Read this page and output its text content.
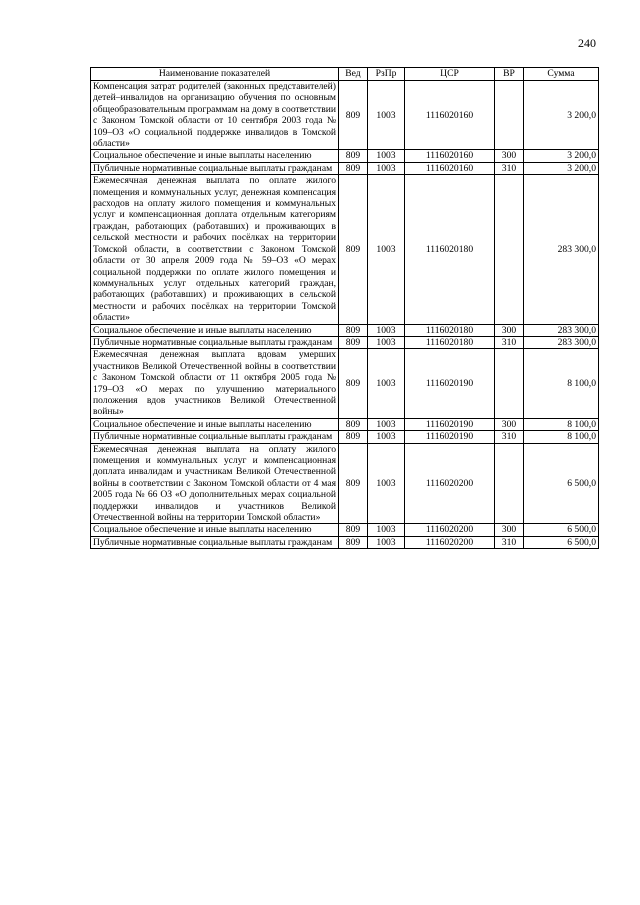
240
Наименование показателей	Вед	РзПр	ЦСР	ВР	Сумма
Компенсация затрат родителей (законных представителей) детей–инвалидов на организацию обучения по основным общеобразовательным программам на дому в соответствии с Законом Томской области от 10 сентября 2003 года № 109–ОЗ «О социальной поддержке инвалидов в Томской области»	809	1003	1116020160		3 200,0
Социальное обеспечение и иные выплаты населению	809	1003	1116020160	300	3 200,0
Публичные нормативные социальные выплаты гражданам	809	1003	1116020160	310	3 200,0
Ежемесячная денежная выплата по оплате жилого помещения и коммунальных услуг, денежная компенсация расходов на оплату жилого помещения и коммунальных услуг и компенсационная доплата отдельным категориям граждан, работающих (работавших) и проживающих в сельской местности и рабочих посёлках на территории Томской области, в соответствии с Законом Томской области от 30 апреля 2009 года № 59–ОЗ «О мерах социальной поддержки по оплате жилого помещения и коммунальных услуг отдельных категорий граждан, работающих (работавших) и проживающих в сельской местности и рабочих посёлках на территории Томской области»	809	1003	1116020180		283 300,0
Социальное обеспечение и иные выплаты населению	809	1003	1116020180	300	283 300,0
Публичные нормативные социальные выплаты гражданам	809	1003	1116020180	310	283 300,0
Ежемесячная денежная выплата вдовам умерших участников Великой Отечественной войны в соответствии с Законом Томской области от 11 октября 2005 года № 179–ОЗ «О мерах по улучшению материального положения вдов участников Великой Отечественной войны»	809	1003	1116020190		8 100,0
Социальное обеспечение и иные выплаты населению	809	1003	1116020190	300	8 100,0
Публичные нормативные социальные выплаты гражданам	809	1003	1116020190	310	8 100,0
Ежемесячная денежная выплата на оплату жилого помещения и коммунальных услуг и компенсационная доплата инвалидам и участникам Великой Отечественной войны в соответствии с Законом Томской области от 4 мая 2005 года № 66 ОЗ «О дополнительных мерах социальной поддержки инвалидов и участников Великой Отечественной войны на территории Томской области»	809	1003	1116020200		6 500,0
Социальное обеспечение и иные выплаты населению	809	1003	1116020200	300	6 500,0
Публичные нормативные социальные выплаты гражданам	809	1003	1116020200	310	6 500,0
